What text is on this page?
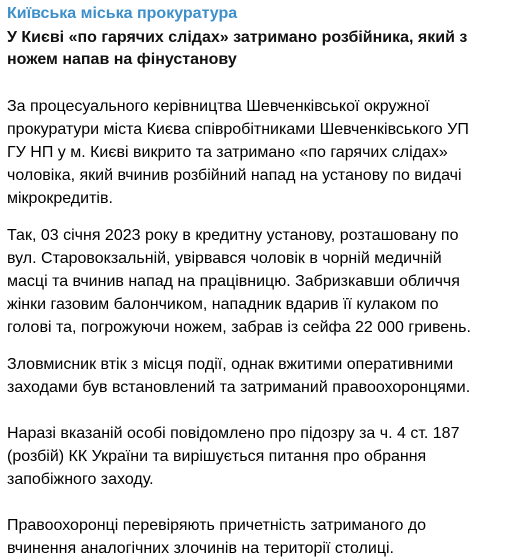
Київська міська прокуратура
У Києві «по гарячих слідах» затримано розбійника, який з ножем напав на фінустанову
За процесуального керівництва Шевченківської окружної
прокуратури міста Києва співробітниками Шевченківського УП
ГУ НП у м. Києві викрито та затримано «по гарячих слідах»
чоловіка, який вчинив розбійний напад на установу по видачі
мікрокредитів.
Так, 03 січня 2023 року в кредитну установу, розташовану по
вул. Старовокзальній, увірвався чоловік в чорній медичній
масці та вчинив напад на працівницю. Забризкавши обличчя
жінки газовим балончиком, нападник вдарив її кулаком по
голові та, погрожуючи ножем, забрав із сейфа 22 000 гривень.
Зловмисник втік з місця події, однак вжитими оперативними
заходами був встановлений та затриманий правоохоронцями.
Наразі вказаній особі повідомлено про підозру за ч. 4 ст. 187
(розбій) КК України та вирішується питання про обрання
запобіжного заходу.
Правоохоронці перевіряють причетність затриманого до
вчинення аналогічних злочинів на території столиці.
